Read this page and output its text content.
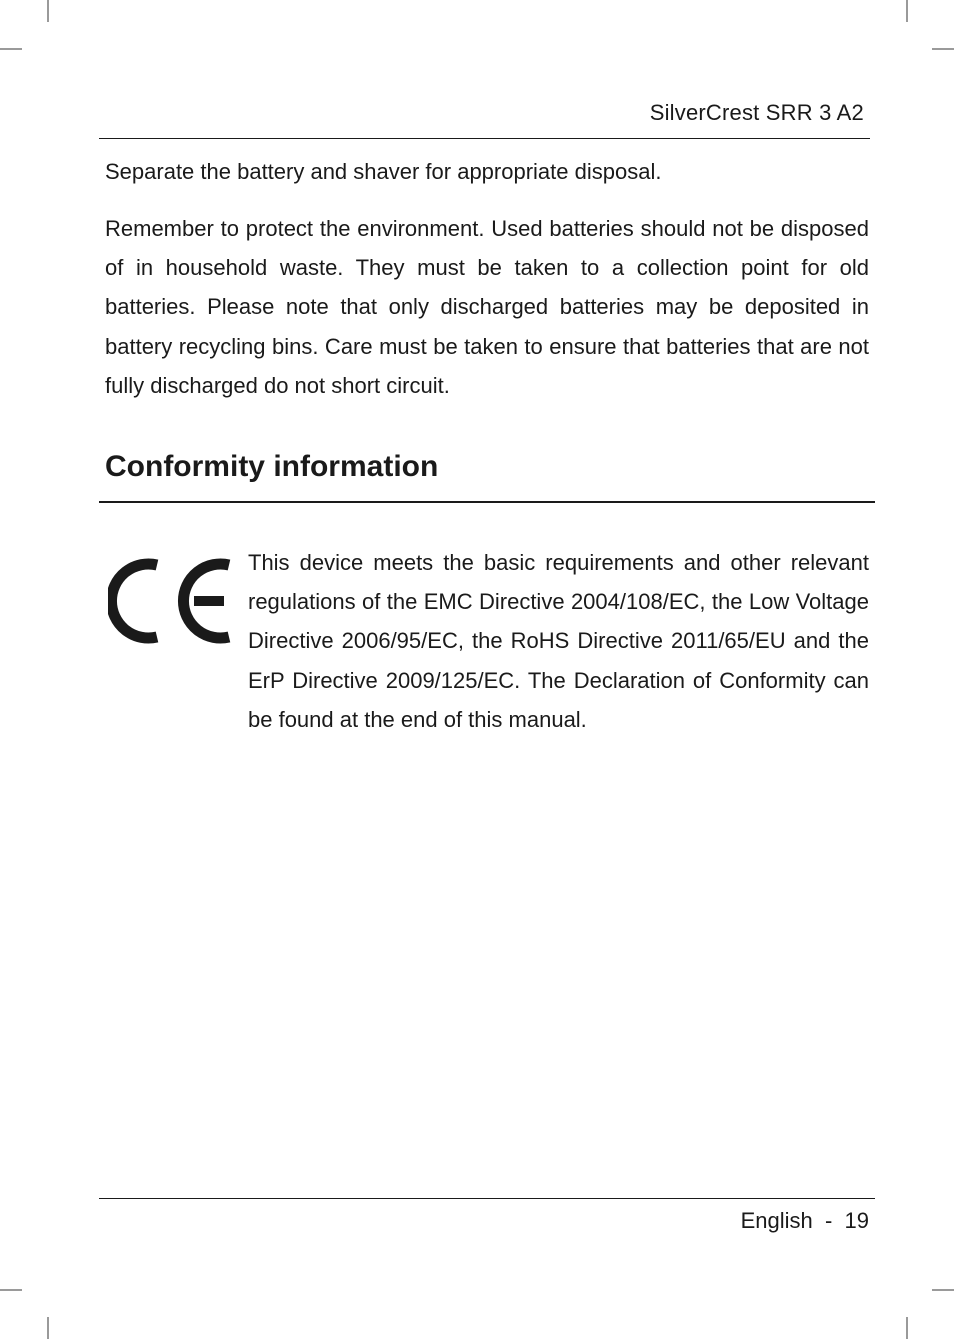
SilverCrest SRR 3 A2

Separate the battery and shaver for appropriate disposal.

Remember to protect the environment. Used batteries should not be disposed of in household waste. They must be taken to a collection point for old batteries. Please note that only discharged batteries may be deposited in battery recycling bins. Care must be taken to ensure that batteries that are not fully discharged do not short circuit.

Conformity information

This device meets the basic requirements and other relevant regulations of the EMC Directive 2004/108/EC, the Low Voltage Directive 2006/95/EC, the RoHS Directive 2011/65/EU and the ErP Directive 2009/125/EC. The Declaration of Conformity can be found at the end of this manual.

English  -  19
